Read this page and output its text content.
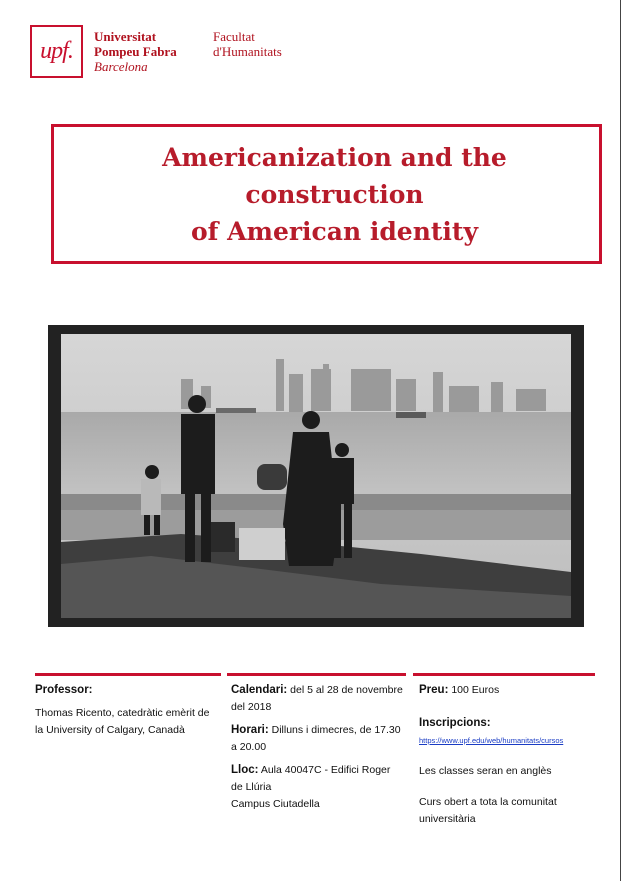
upf.
Universitat
Pompeu Fabra
Barcelona
Facultat
d'Humanitats
Americanization and the construction
of American identity

Professor:

Thomas Ricento, catedràtic emèrit de la University of Calgary, Canadà

Calendari: del 5 al 28 de novembre del 2018

Horari: Dilluns i dimecres, de 17.30 a 20.00

Lloc: Aula 40047C - Edifici Roger de Llúria

Campus Ciutadella

Preu: 100 Euros

Inscripcions:

https://www.upf.edu/web/humanitats/cursos

Les classes seran en anglès

Curs obert a tota la comunitat universitària
